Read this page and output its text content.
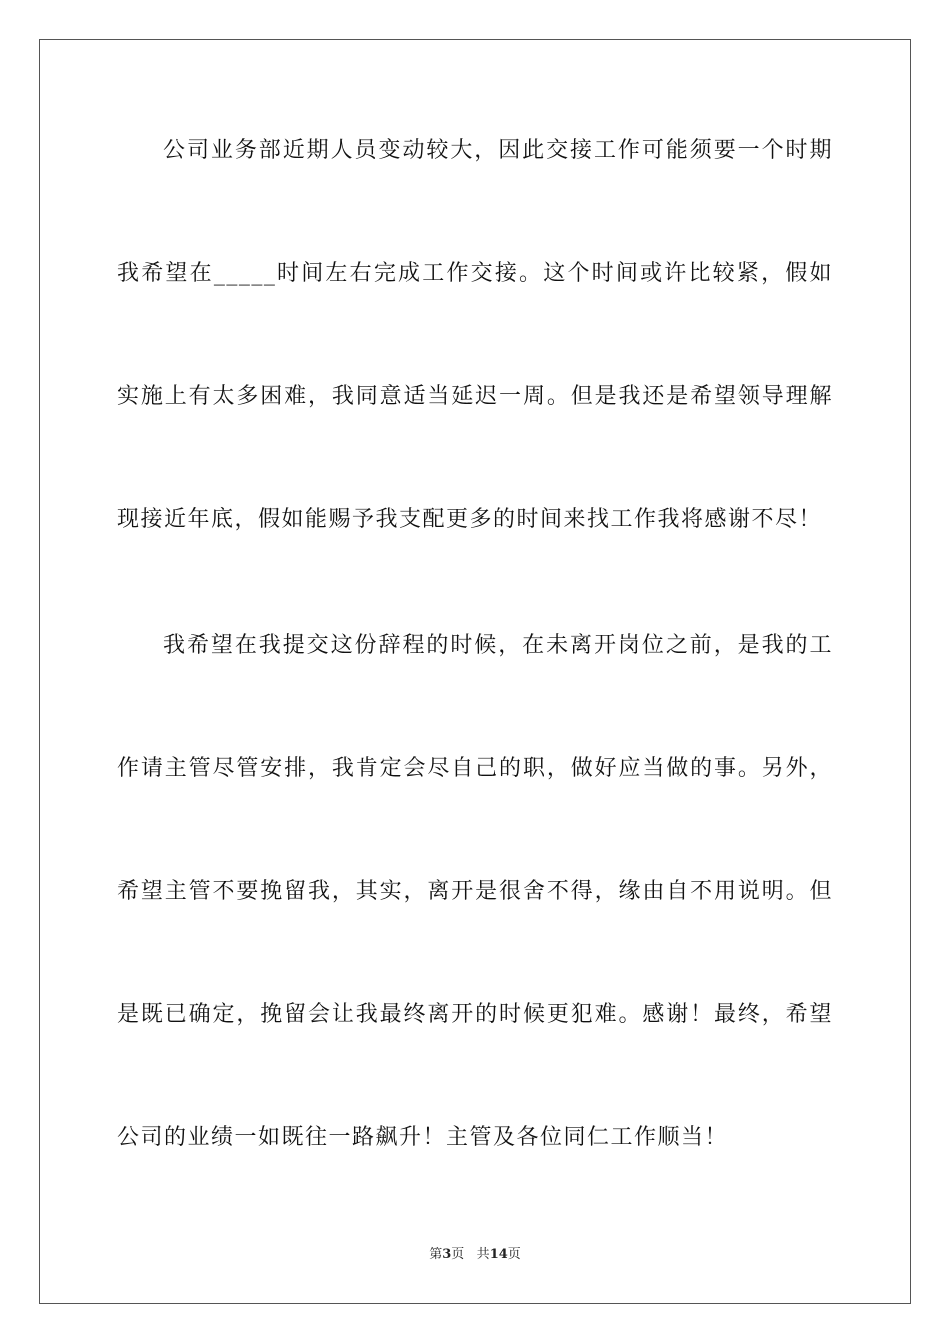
公司业务部近期人员变动较大，因此交接工作可能须要一个时期
我希望在_____时间左右完成工作交接。这个时间或许比较紧，假如
实施上有太多困难，我同意适当延迟一周。但是我还是希望领导理解
现接近年底，假如能赐予我支配更多的时间来找工作我将感谢不尽！
我希望在我提交这份辞程的时候，在未离开岗位之前，是我的工
作请主管尽管安排，我肯定会尽自己的职，做好应当做的事。另外，
希望主管不要挽留我，其实，离开是很舍不得，缘由自不用说明。但
是既已确定，挽留会让我最终离开的时候更犯难。感谢！最终，希望
公司的业绩一如既往一路飙升！主管及各位同仁工作顺当！
第3页 共14页
